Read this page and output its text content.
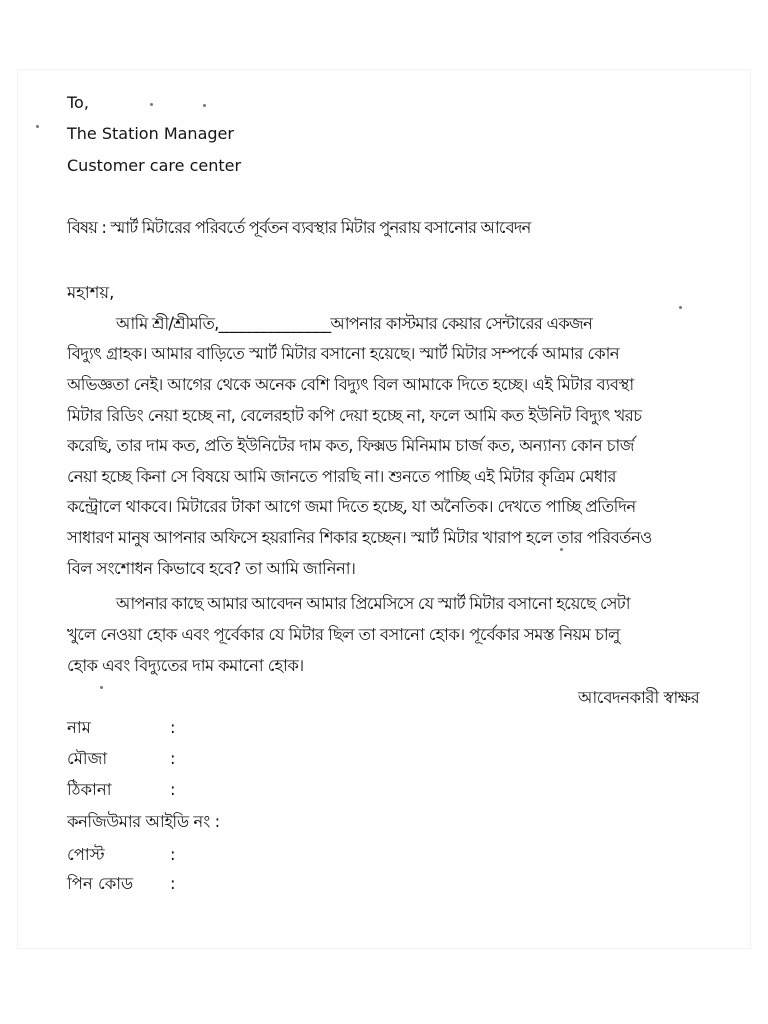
To,
The Station Manager
Customer care center
বিষয় : স্মার্ট মিটারের পরিবর্তে পূর্বতন ব্যবস্থার মিটার পুনরায় বসানোর আবেদন
মহাশয়,
আমি শ্রী/শ্রীমতি,_______________আপনার কাস্টমার কেয়ার সেন্টারের একজন
বিদ্যুৎ গ্রাহক। আমার বাড়িতে স্মার্ট মিটার বসানো হয়েছে। স্মার্ট মিটার সম্পর্কে আমার কোন
অভিজ্ঞতা নেই। আগের থেকে অনেক বেশি বিদ্যুৎ বিল আমাকে দিতে হচ্ছে। এই মিটার ব্যবস্থা
মিটার রিডিং নেয়া হচ্ছে না, বেলেরহাট কপি দেয়া হচ্ছে না, ফলে আমি কত ইউনিট বিদ্যুৎ খরচ
করেছি, তার দাম কত, প্রতি ইউনিটের দাম কত, ফিক্সড মিনিমাম চার্জ কত, অন্যান্য কোন চার্জ
নেয়া হচ্ছে কিনা সে বিষয়ে আমি জানতে পারছি না। শুনতে পাচ্ছি এই মিটার কৃত্রিম মেধার
কন্ট্রোলে থাকবে। মিটারের টাকা আগে জমা দিতে হচ্ছে, যা অনৈতিক। দেখতে পাচ্ছি প্রতিদিন
সাধারণ মানুষ আপনার অফিসে হয়রানির শিকার হচ্ছেন। স্মার্ট মিটার খারাপ হলে তার পরিবর্তনও
বিল সংশোধন কিভাবে হবে? তা আমি জানিনা।
আপনার কাছে আমার আবেদন আমার প্রিমেসিসে যে স্মার্ট মিটার বসানো হয়েছে সেটা
খুলে নেওয়া হোক এবং পূর্বেকার যে মিটার ছিল তা বসানো হোক। পূর্বেকার সমস্ত নিয়ম চালু
হোক এবং বিদ্যুতের দাম কমানো হোক।
আবেদনকারী স্বাক্ষর
নাম	:
মৌজা	:
ঠিকানা	:
কনজিউমার আইডি নং :
পোস্ট	:
পিন কোড :
